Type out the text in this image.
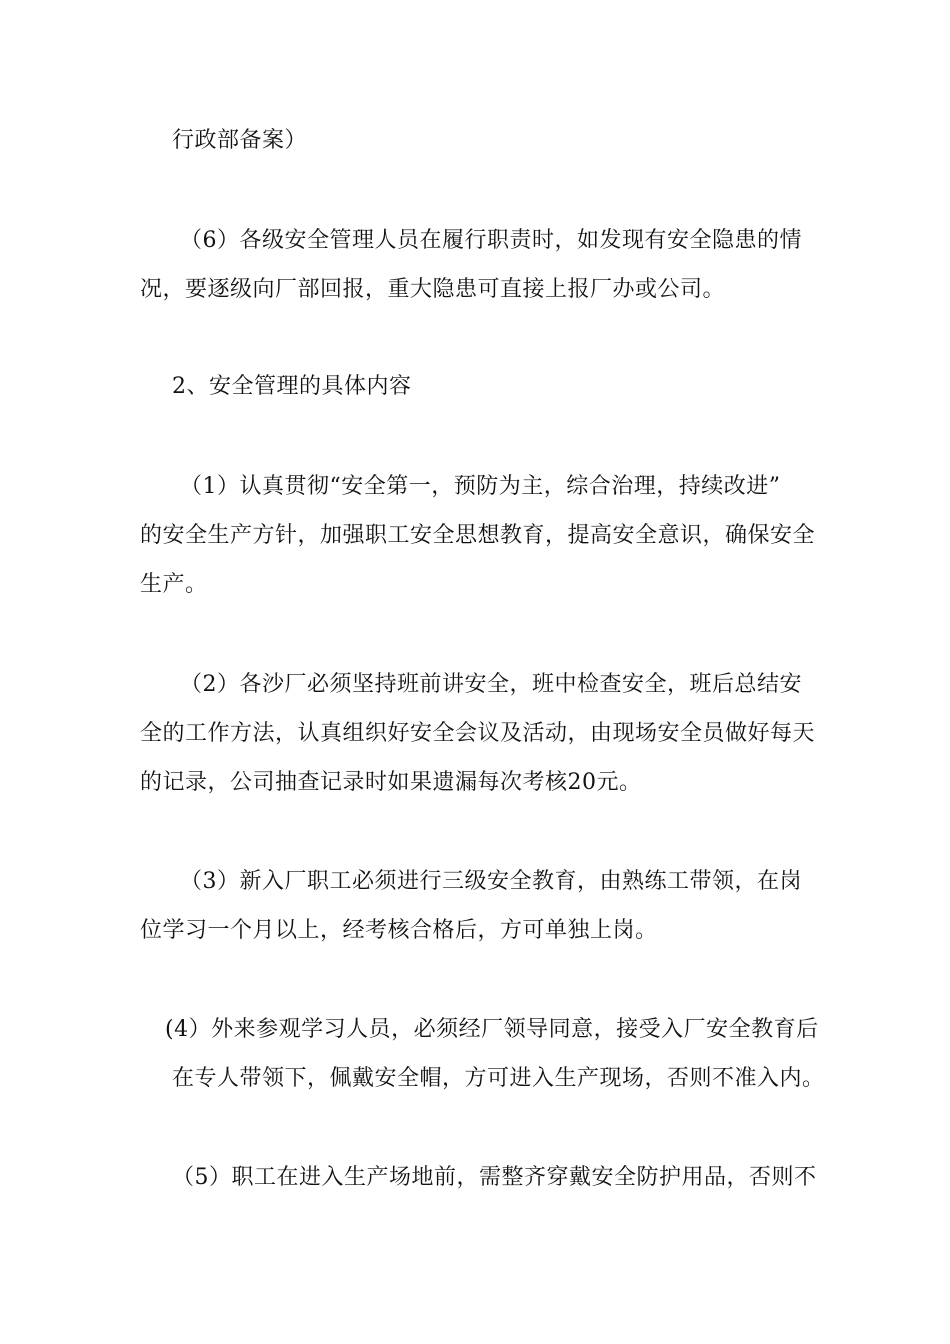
行政部备案）
（6）各级安全管理人员在履行职责时，如发现有安全隐患的情
况，要逐级向厂部回报，重大隐患可直接上报厂办或公司。
2、安全管理的具体内容
（1）认真贯彻“安全第一，预防为主，综合治理，持续改进”
的安全生产方针，加强职工安全思想教育，提高安全意识，确保安全
生产。
（2）各沙厂必须坚持班前讲安全，班中检查安全，班后总结安
全的工作方法，认真组织好安全会议及活动，由现场安全员做好每天
的记录，公司抽查记录时如果遗漏每次考核20元。
（3）新入厂职工必须进行三级安全教育，由熟练工带领，在岗
位学习一个月以上，经考核合格后，方可单独上岗。
(4）外来参观学习人员，必须经厂领导同意，接受入厂安全教育后
在专人带领下，佩戴安全帽，方可进入生产现场，否则不准入内。
（5）职工在进入生产场地前，需整齐穿戴安全防护用品，否则不
